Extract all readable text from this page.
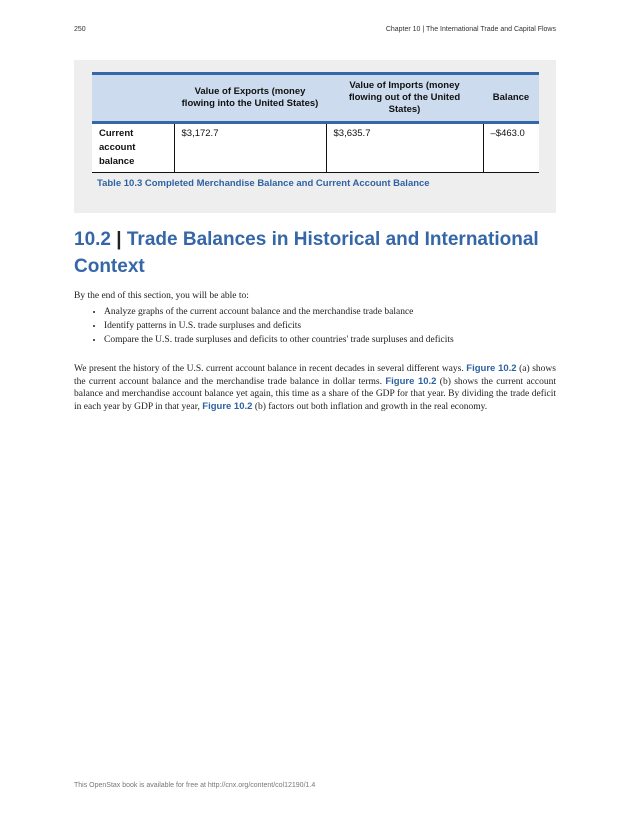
250	Chapter 10 | The International Trade and Capital Flows
	Value of Exports (money flowing into the United States)	Value of Imports (money flowing out of the United States)	Balance
Current account balance	$3,172.7	$3,635.7	–$463.0
Table 10.3 Completed Merchandise Balance and Current Account Balance
10.2 | Trade Balances in Historical and International Context
By the end of this section, you will be able to:
• Analyze graphs of the current account balance and the merchandise trade balance
• Identify patterns in U.S. trade surpluses and deficits
• Compare the U.S. trade surpluses and deficits to other countries' trade surpluses and deficits

We present the history of the U.S. current account balance in recent decades in several different ways. Figure 10.2 (a) shows the current account balance and the merchandise trade balance in dollar terms. Figure 10.2 (b) shows the current account balance and merchandise account balance yet again, this time as a share of the GDP for that year. By dividing the trade deficit in each year by GDP in that year, Figure 10.2 (b) factors out both inflation and growth in the real economy.

This OpenStax book is available for free at http://cnx.org/content/col12190/1.4
